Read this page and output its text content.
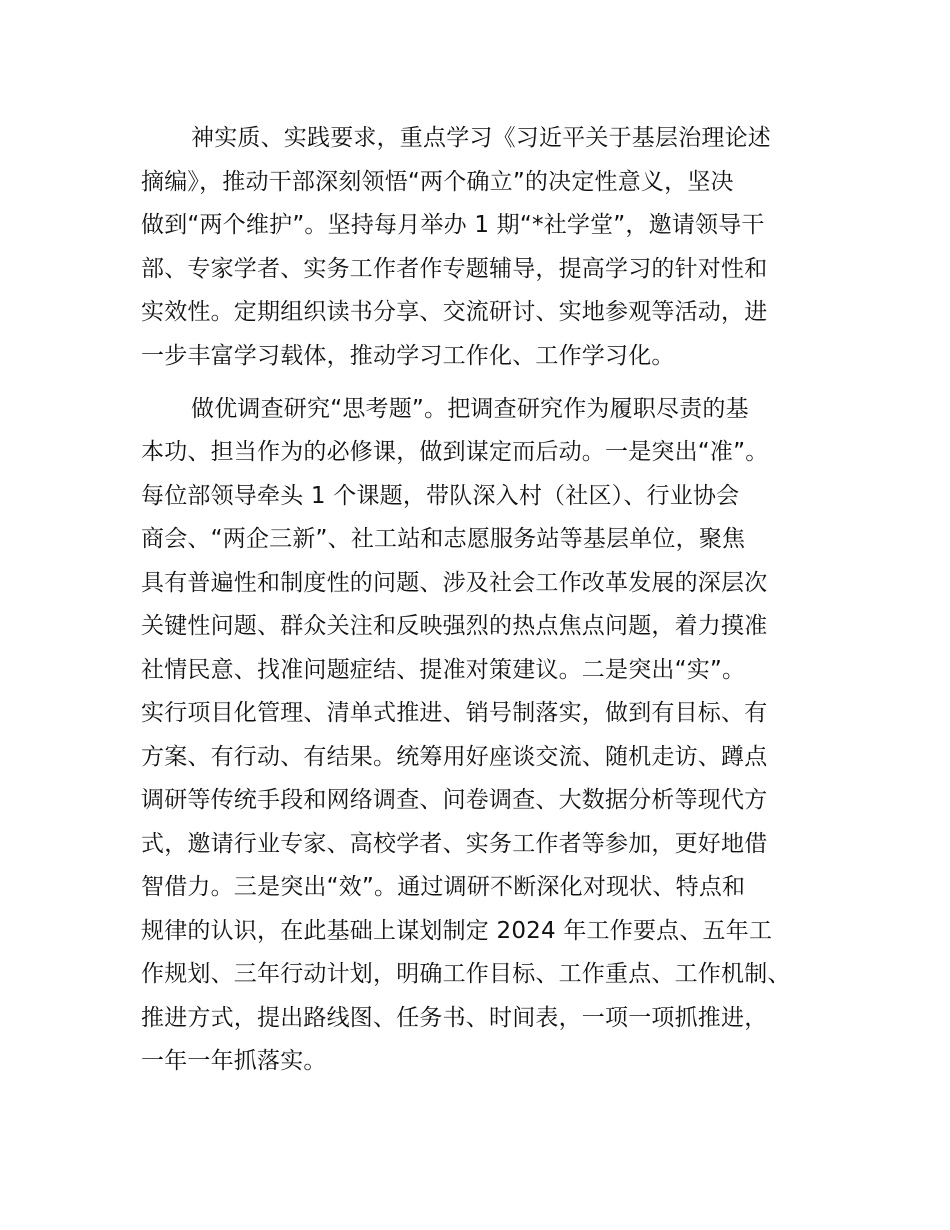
神实质、实践要求，重点学习《习近平关于基层治理论述
摘编》，推动干部深刻领悟“两个确立”的决定性意义，坚决
做到“两个维护”。坚持每月举办 1 期“*社学堂”，邀请领导干
部、专家学者、实务工作者作专题辅导，提高学习的针对性和
实效性。定期组织读书分享、交流研讨、实地参观等活动，进
一步丰富学习载体，推动学习工作化、工作学习化。
做优调查研究“思考题”。把调查研究作为履职尽责的基
本功、担当作为的必修课，做到谋定而后动。一是突出“准”。
每位部领导牵头 1 个课题，带队深入村（社区）、行业协会
商会、“两企三新”、社工站和志愿服务站等基层单位，聚焦
具有普遍性和制度性的问题、涉及社会工作改革发展的深层次
关键性问题、群众关注和反映强烈的热点焦点问题，着力摸准
社情民意、找准问题症结、提准对策建议。二是突出“实”。
实行项目化管理、清单式推进、销号制落实，做到有目标、有
方案、有行动、有结果。统筹用好座谈交流、随机走访、蹲点
调研等传统手段和网络调查、问卷调查、大数据分析等现代方
式，邀请行业专家、高校学者、实务工作者等参加，更好地借
智借力。三是突出“效”。通过调研不断深化对现状、特点和
规律的认识，在此基础上谋划制定 2024 年工作要点、五年工
作规划、三年行动计划，明确工作目标、工作重点、工作机制、
推进方式，提出路线图、任务书、时间表，一项一项抓推进，
一年一年抓落实。
